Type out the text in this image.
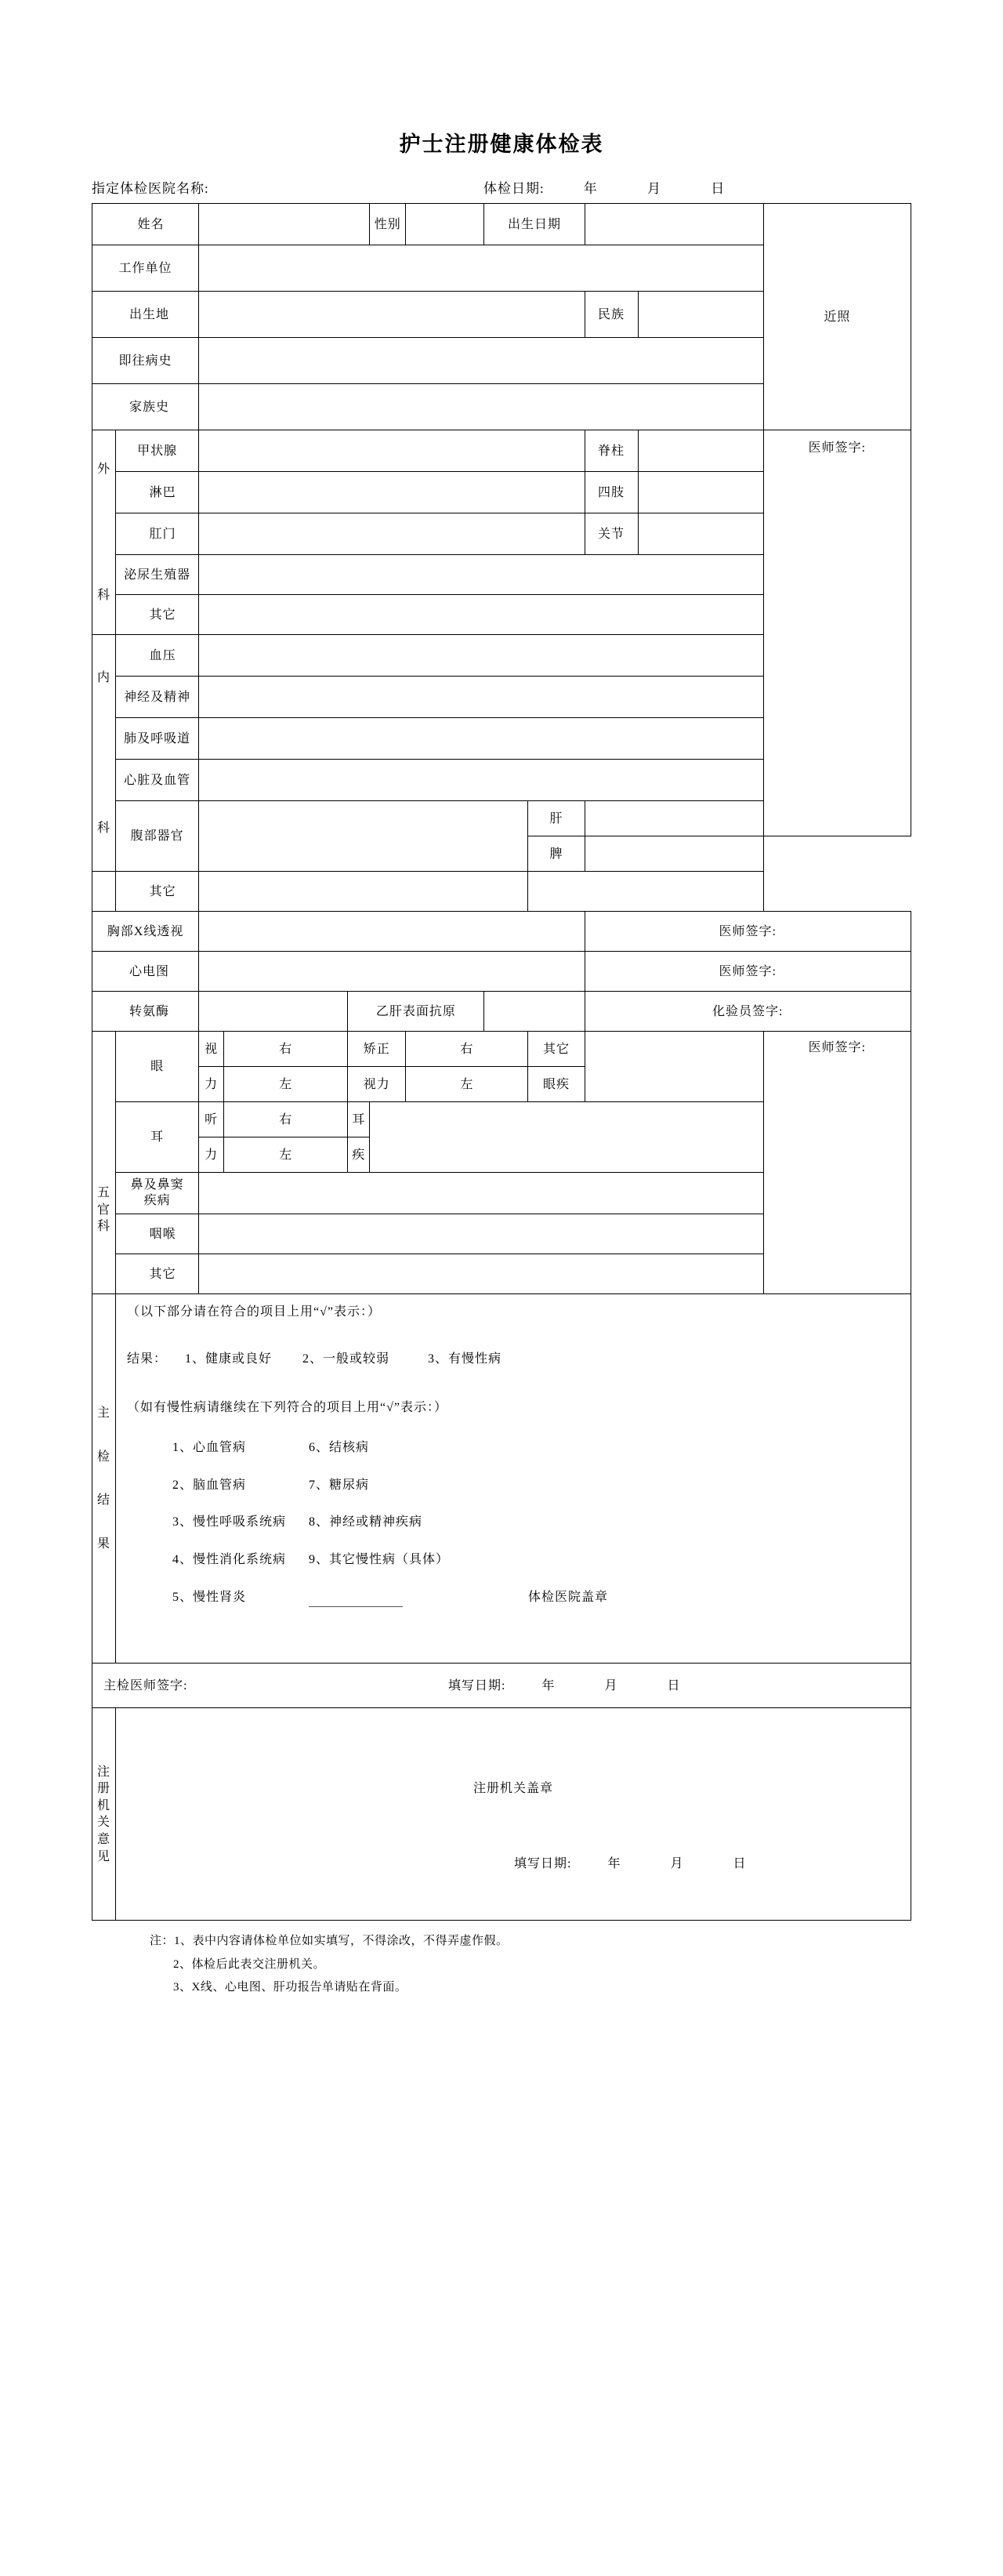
护士注册健康体检表
指定体检医院名称:	体检日期:	年 月 日
姓名					性别		出生日期				近照

工作单位											
出生地									民族		
即往病史											
家族史											

外
科	甲状腺								脊柱		医师签字:

	淋巴								四肢		
	肛门								关节		
	泌尿生殖器										
	其它										

内
科	血压										
	神经及精神										
	肺及呼吸道										
	心脏及血管										
	腹部器官							肝			
								脾			
	其它										
胸部X线透视									医师签字:		
心电图									医师签字:		
转氨酶				乙肝表面抗原					化验员签字:		

五
官
科	眼	视	右	矫正		右		其它			医师签字:

		力	左	视力		左		眼疾			
	耳	听	右	耳							
		力	左	疾							

	鼻及鼻窦
疾病										

	咽喉										
	其它										

主
检
结
果

（以下部分请在符合的项目上用“√”表示：）
结果：	1、健康或良好	2、一般或较弱	3、有慢性病
（如有慢性病请继续在下列符合的项目上用“√”表示：）
1、心血管病	6、结核病
2、脑血管病	7、糖尿病
3、慢性呼吸系统病	8、神经或精神疾病
4、慢性消化系统病	9、其它慢性病（具体）
5、慢性肾炎	体检医院盖章

主检医师签字: 填写日期: 年 月 日											

注
册
机
关
意
见

注册机关盖章
填写日期:	年 月 日
注：1、表中内容请体检单位如实填写，不得涂改，不得弄虚作假。
2、体检后此表交注册机关。
3、X线、心电图、肝功报告单请贴在背面。
